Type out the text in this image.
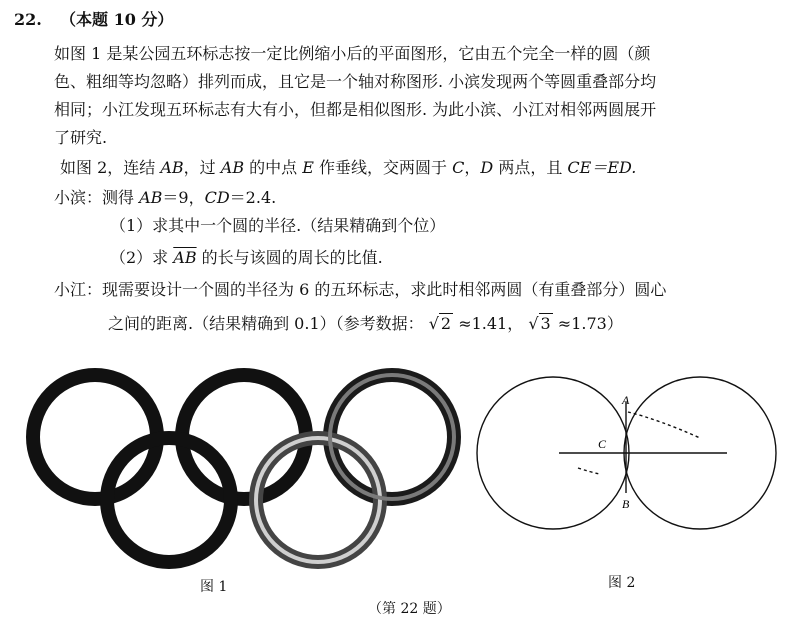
22. （本题 10 分）
如图 1 是某公园五环标志按一定比例缩小后的平面图形，它由五个完全一样的圆（颜
色、粗细等均忽略）排列而成，且它是一个轴对称图形. 小滨发现两个等圆重叠部分均
相同；小江发现五环标志有大有小，但都是相似图形. 为此小滨、小江对相邻两圆展开
了研究.
如图 2，连结 AB，过 AB 的中点 E 作垂线，交两圆于 C，D 两点，且 CE＝ED.
小滨：测得 AB＝9，CD＝2.4.
（1）求其中一个圆的半径.（结果精确到个位）
（2）求 $\overline{AB}$ 的长与该圆的周长的比值.
小江：现需要设计一个圆的半径为 6 的五环标志，求此时相邻两圆（有重叠部分）圆心
之间的距离.（结果精确到 0.1）（参考数据： √ 2 ≈1.41， √ 3 ≈1.73）
A
B
C
图 1	图 2
（第 22 题）
